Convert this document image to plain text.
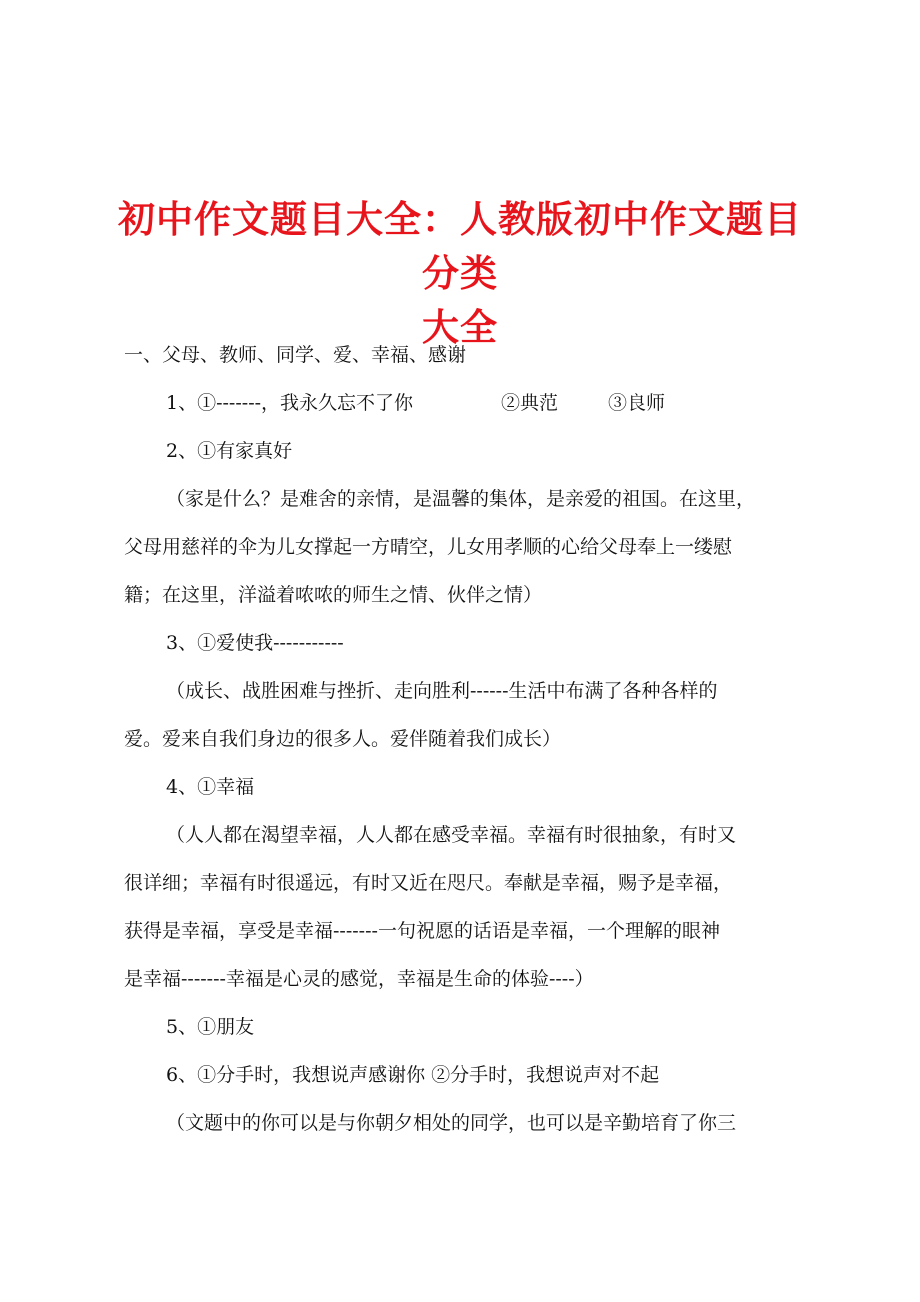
初中作文题目大全：人教版初中作文题目分类
大全
一、父母、教师、同学、爱、幸福、感谢
1、①-------，我永久忘不了你	②典范	③良师
2、①有家真好
（家是什么？是难舍的亲情，是温馨的集体，是亲爱的祖国。在这里，
父母用慈祥的伞为儿女撑起一方晴空，儿女用孝顺的心给父母奉上一缕慰
籍；在这里，洋溢着哝哝的师生之情、伙伴之情）
3、①爱使我-----------
（成长、战胜困难与挫折、走向胜利------生活中布满了各种各样的
爱。爱来自我们身边的很多人。爱伴随着我们成长）
4、①幸福
（人人都在渴望幸福，人人都在感受幸福。幸福有时很抽象，有时又
很详细；幸福有时很遥远，有时又近在咫尺。奉献是幸福，赐予是幸福，
获得是幸福，享受是幸福-------一句祝愿的话语是幸福，一个理解的眼神
是幸福-------幸福是心灵的感觉，幸福是生命的体验----）
5、①朋友
6、①分手时，我想说声感谢你 ②分手时，我想说声对不起
（文题中的你可以是与你朝夕相处的同学，也可以是辛勤培育了你三
